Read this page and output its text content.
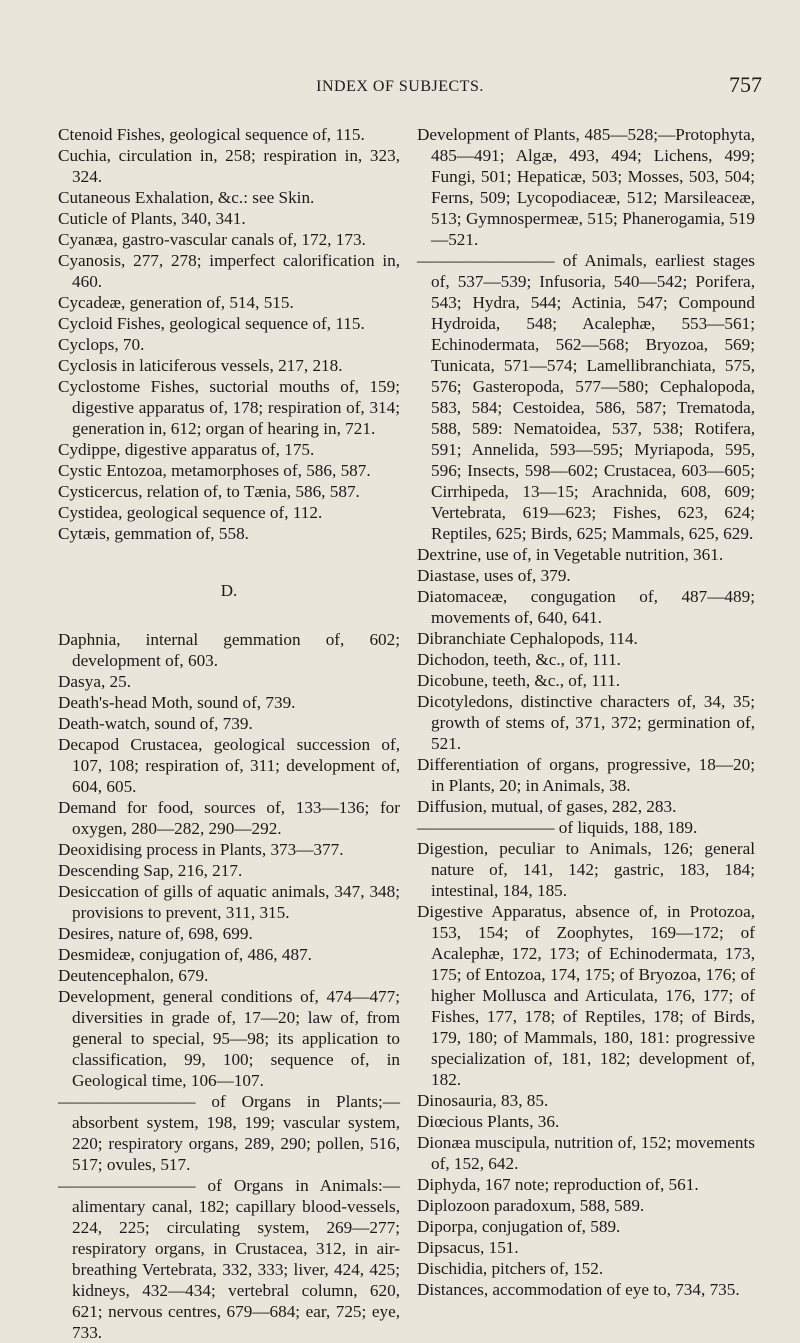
INDEX OF SUBJECTS.	757

Ctenoid Fishes, geological sequence of, 115.

Cuchia, circulation in, 258; respiration in, 323, 324.

Cutaneous Exhalation, &c.: see Skin.

Cuticle of Plants, 340, 341.

Cyanæa, gastro-vascular canals of, 172, 173.

Cyanosis, 277, 278; imperfect calorification in, 460.

Cycadeæ, generation of, 514, 515.

Cycloid Fishes, geological sequence of, 115.

Cyclops, 70.

Cyclosis in laticiferous vessels, 217, 218.

Cyclostome Fishes, suctorial mouths of, 159; digestive apparatus of, 178; respiration of, 314; generation in, 612; organ of hearing in, 721.

Cydippe, digestive apparatus of, 175.

Cystic Entozoa, metamorphoses of, 586, 587.

Cysticercus, relation of, to Tænia, 586, 587.

Cystidea, geological sequence of, 112.

Cytæis, gemmation of, 558.

D.

Daphnia, internal gemmation of, 602; development of, 603.

Dasya, 25.

Death's-head Moth, sound of, 739.

Death-watch, sound of, 739.

Decapod Crustacea, geological succession of, 107, 108; respiration of, 311; development of, 604, 605.

Demand for food, sources of, 133—136; for oxygen, 280—282, 290—292.

Deoxidising process in Plants, 373—377.

Descending Sap, 216, 217.

Desiccation of gills of aquatic animals, 347, 348; provisions to prevent, 311, 315.

Desires, nature of, 698, 699.

Desmideæ, conjugation of, 486, 487.

Deutencephalon, 679.

Development, general conditions of, 474—477; diversities in grade of, 17—20; law of, from general to special, 95—98; its application to classification, 99, 100; sequence of, in Geological time, 106—107.

———————— of Organs in Plants;—absorbent system, 198, 199; vascular system, 220; respiratory organs, 289, 290; pollen, 516, 517; ovules, 517.

———————— of Organs in Animals:—alimentary canal, 182; capillary blood-vessels, 224, 225; circulating system, 269—277; respiratory organs, in Crustacea, 312, in air-breathing Vertebrata, 332, 333; liver, 424, 425; kidneys, 432—434; vertebral column, 620, 621; nervous centres, 679—684; ear, 725; eye, 733.

Development of Plants, 485—528;—Protophyta, 485—491; Algæ, 493, 494; Lichens, 499; Fungi, 501; Hepaticæ, 503; Mosses, 503, 504; Ferns, 509; Lycopodiaceæ, 512; Marsileaceæ, 513; Gymnospermeæ, 515; Phanerogamia, 519—521.

———————— of Animals, earliest stages of, 537—539; Infusoria, 540—542; Porifera, 543; Hydra, 544; Actinia, 547; Compound Hydroida, 548; Acalephæ, 553—561; Echinodermata, 562—568; Bryozoa, 569; Tunicata, 571—574; Lamellibranchiata, 575, 576; Gasteropoda, 577—580; Cephalopoda, 583, 584; Cestoidea, 586, 587; Trematoda, 588, 589: Nematoidea, 537, 538; Rotifera, 591; Annelida, 593—595; Myriapoda, 595, 596; Insects, 598—602; Crustacea, 603—605; Cirrhipeda, 13—15; Arachnida, 608, 609; Vertebrata, 619—623; Fishes, 623, 624; Reptiles, 625; Birds, 625; Mammals, 625, 629.

Dextrine, use of, in Vegetable nutrition, 361.

Diastase, uses of, 379.

Diatomaceæ, congugation of, 487—489; movements of, 640, 641.

Dibranchiate Cephalopods, 114.

Dichodon, teeth, &c., of, 111.

Dicobune, teeth, &c., of, 111.

Dicotyledons, distinctive characters of, 34, 35; growth of stems of, 371, 372; germination of, 521.

Differentiation of organs, progressive, 18—20; in Plants, 20; in Animals, 38.

Diffusion, mutual, of gases, 282, 283.

———————— of liquids, 188, 189.

Digestion, peculiar to Animals, 126; general nature of, 141, 142; gastric, 183, 184; intestinal, 184, 185.

Digestive Apparatus, absence of, in Protozoa, 153, 154; of Zoophytes, 169—172; of Acalephæ, 172, 173; of Echinodermata, 173, 175; of Entozoa, 174, 175; of Bryozoa, 176; of higher Mollusca and Articulata, 176, 177; of Fishes, 177, 178; of Reptiles, 178; of Birds, 179, 180; of Mammals, 180, 181: progressive specialization of, 181, 182; development of, 182.

Dinosauria, 83, 85.

Diœcious Plants, 36.

Dionæa muscipula, nutrition of, 152; movements of, 152, 642.

Diphyda, 167 note; reproduction of, 561.

Diplozoon paradoxum, 588, 589.

Diporpa, conjugation of, 589.

Dipsacus, 151.

Dischidia, pitchers of, 152.

Distances, accommodation of eye to, 734, 735.
